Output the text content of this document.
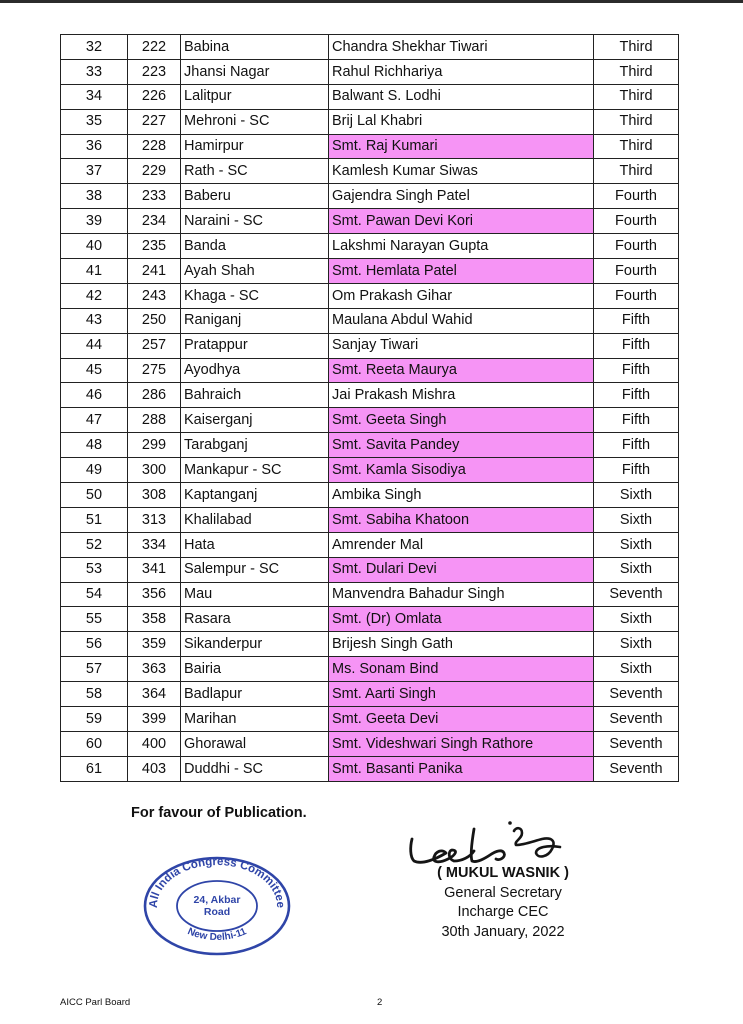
32	222	Babina	Chandra Shekhar Tiwari	Third
33	223	Jhansi Nagar	Rahul Richhariya	Third
34	226	Lalitpur	Balwant S. Lodhi	Third
35	227	Mehroni - SC	Brij Lal Khabri	Third
36	228	Hamirpur	Smt. Raj Kumari	Third
37	229	Rath - SC	Kamlesh Kumar Siwas	Third
38	233	Baberu	Gajendra Singh Patel	Fourth
39	234	Naraini - SC	Smt. Pawan Devi Kori	Fourth
40	235	Banda	Lakshmi Narayan Gupta	Fourth
41	241	Ayah Shah	Smt. Hemlata Patel	Fourth
42	243	Khaga - SC	Om Prakash Gihar	Fourth
43	250	Raniganj	Maulana Abdul Wahid	Fifth
44	257	Pratappur	Sanjay Tiwari	Fifth
45	275	Ayodhya	Smt. Reeta Maurya	Fifth
46	286	Bahraich	Jai Prakash Mishra	Fifth
47	288	Kaiserganj	Smt. Geeta Singh	Fifth
48	299	Tarabganj	Smt. Savita Pandey	Fifth
49	300	Mankapur - SC	Smt. Kamla Sisodiya	Fifth
50	308	Kaptanganj	Ambika Singh	Sixth
51	313	Khalilabad	Smt. Sabiha Khatoon	Sixth
52	334	Hata	Amrender Mal	Sixth
53	341	Salempur - SC	Smt. Dulari Devi	Sixth
54	356	Mau	Manvendra Bahadur Singh	Seventh
55	358	Rasara	Smt. (Dr) Omlata	Sixth
56	359	Sikanderpur	Brijesh Singh Gath	Sixth
57	363	Bairia	Ms. Sonam Bind	Sixth
58	364	Badlapur	Smt. Aarti Singh	Seventh
59	399	Marihan	Smt. Geeta Devi	Seventh
60	400	Ghorawal	Smt. Videshwari Singh Rathore	Seventh
61	403	Duddhi - SC	Smt. Basanti Panika	Seventh
For favour of Publication.
All India Congress Committee
New Delhi-11
24, Akbar
Road
( MUKUL WASNIK )
General Secretary
Incharge CEC
30th January, 2022
AICC Parl Board	2
